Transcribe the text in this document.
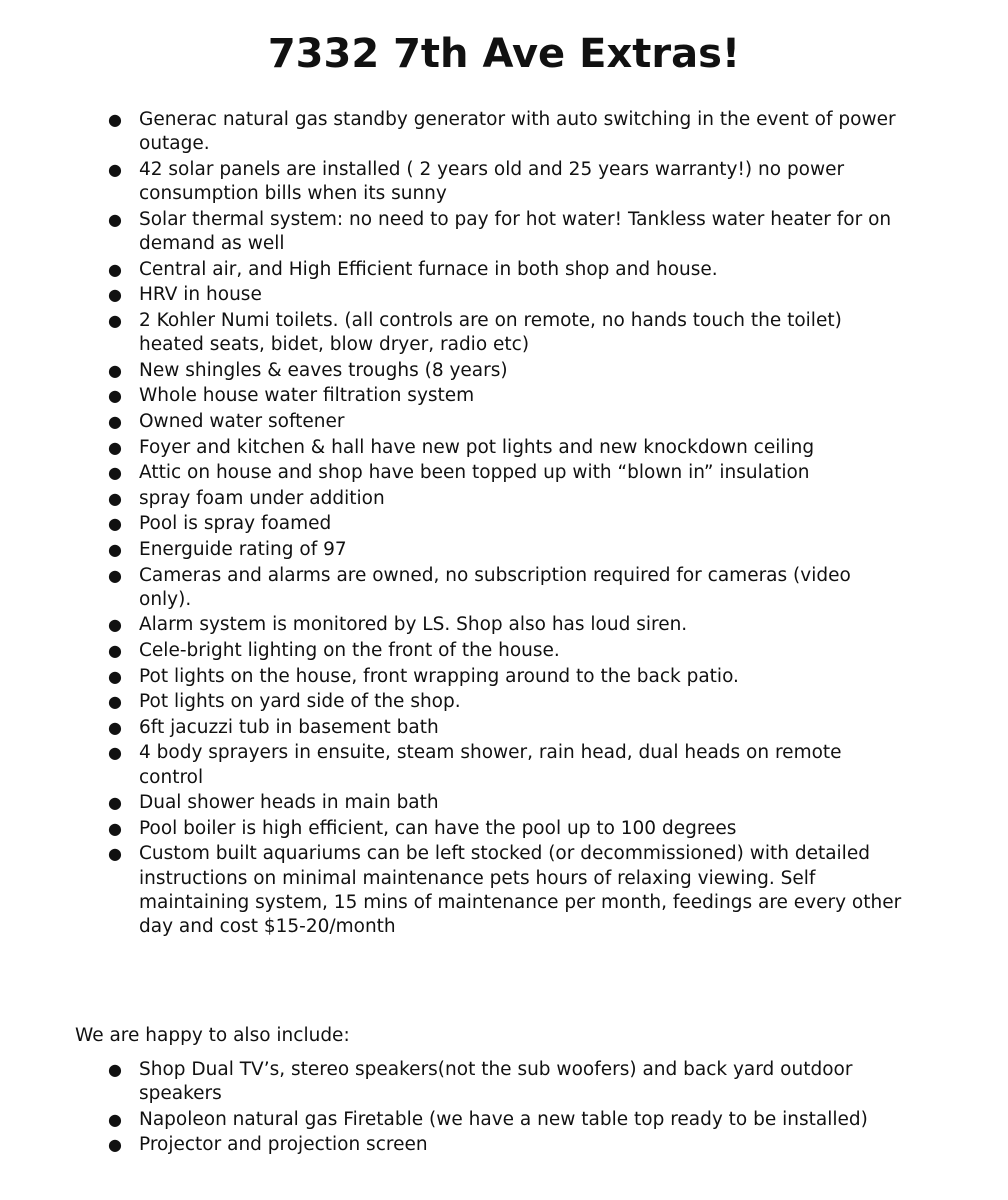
7332 7th Ave Extras!
● Generac natural gas standby generator with auto switching in the event of power outage.
● 42 solar panels are installed ( 2 years old and 25 years warranty!) no power consumption bills when its sunny
● Solar thermal system: no need to pay for hot water! Tankless water heater for on demand as well
● Central air, and High Efficient furnace in both shop and house.
● HRV in house
● 2 Kohler Numi toilets. (all controls are on remote, no hands touch the toilet) heated seats, bidet, blow dryer, radio etc)
● New shingles & eaves troughs (8 years)
● Whole house water filtration system
● Owned water softener
● Foyer and kitchen & hall have new pot lights and new knockdown ceiling
● Attic on house and shop have been topped up with “blown in” insulation
● spray foam under addition
● Pool is spray foamed
● Energuide rating of 97
● Cameras and alarms are owned, no subscription required for cameras (video only).
● Alarm system is monitored by LS. Shop also has loud siren.
● Cele-bright lighting on the front of the house.
● Pot lights on the house, front wrapping around to the back patio.
● Pot lights on yard side of the shop.
● 6ft jacuzzi tub in basement bath
● 4 body sprayers in ensuite, steam shower, rain head, dual heads on remote control
● Dual shower heads in main bath
● Pool boiler is high efficient, can have the pool up to 100 degrees
● Custom built aquariums can be left stocked (or decommissioned) with detailed instructions on minimal maintenance pets hours of relaxing viewing. Self maintaining system, 15 mins of maintenance per month, feedings are every other day and cost $15-20/month

We are happy to also include:

● Shop Dual TV’s, stereo speakers(not the sub woofers) and back yard outdoor speakers
● Napoleon natural gas Firetable (we have a new table top ready to be installed)
● Projector and projection screen
